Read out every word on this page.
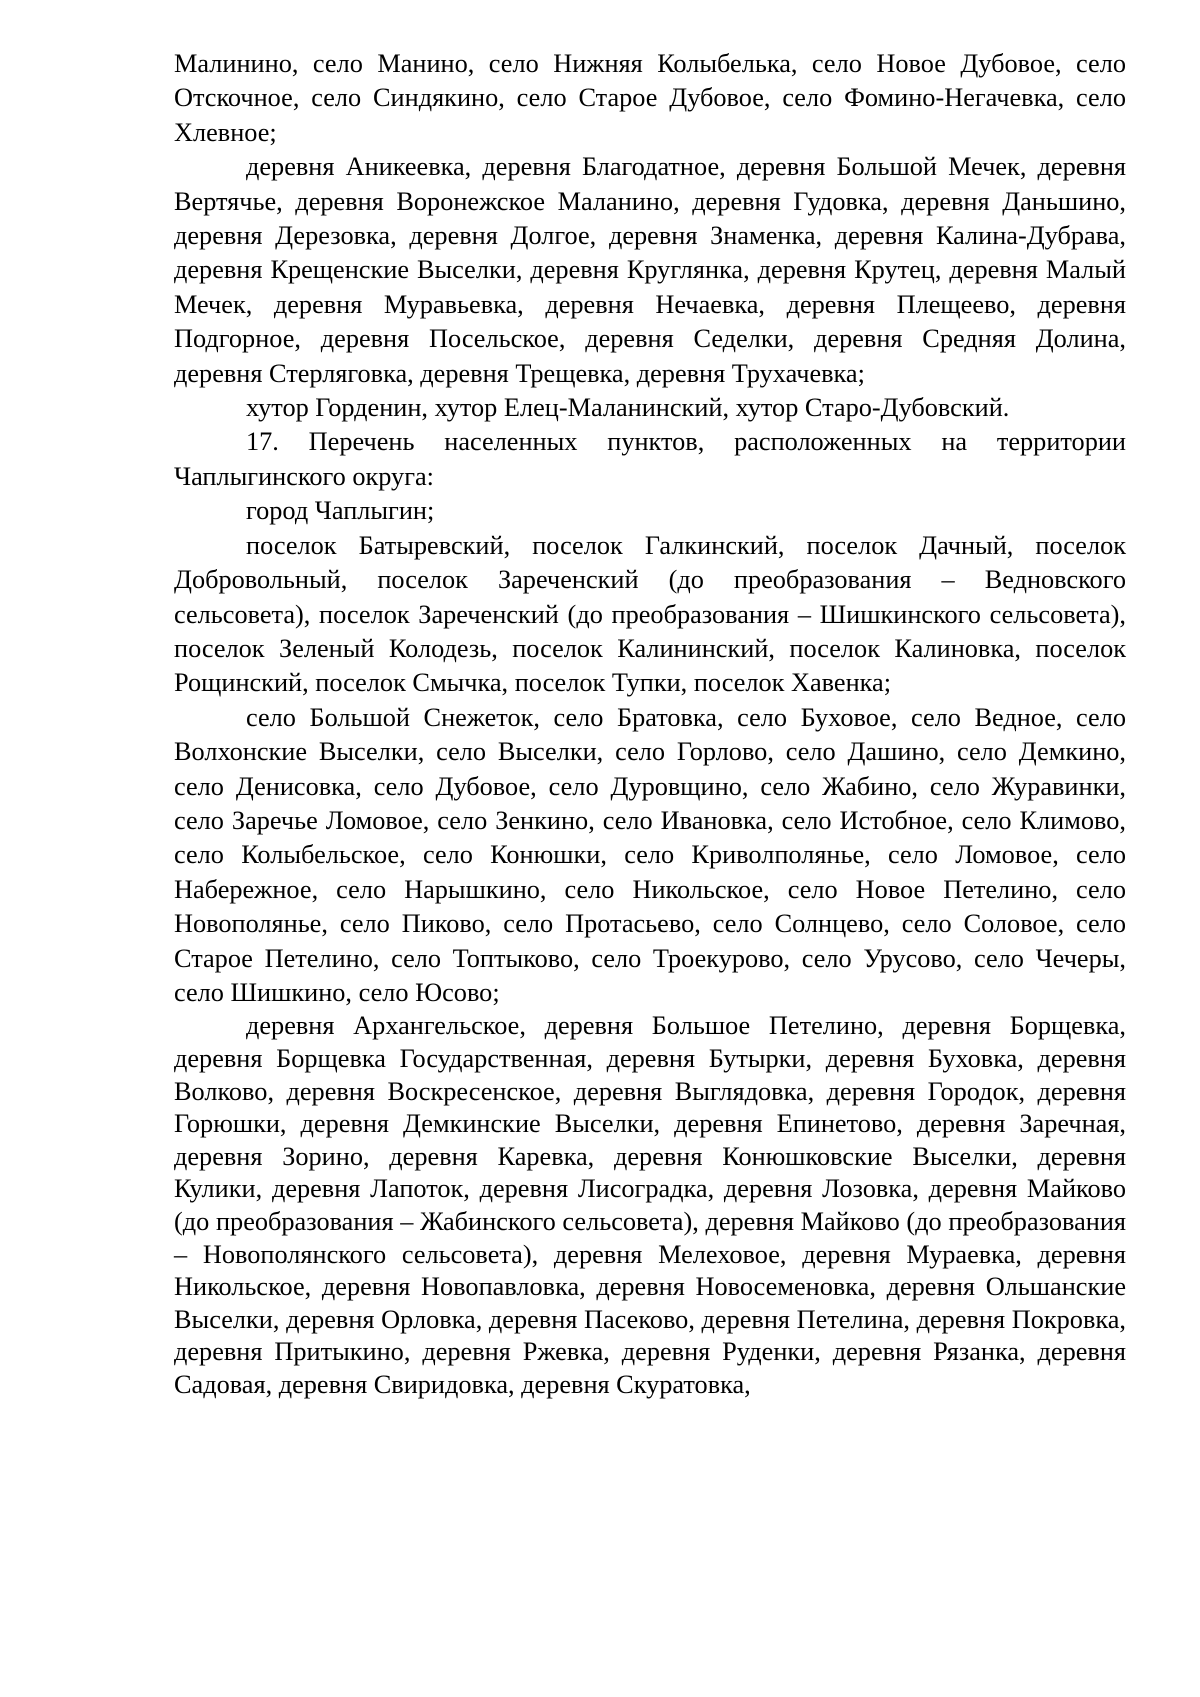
Малинино, село Манино, село Нижняя Колыбелька, село Новое Дубовое, село Отскочное, село Синдякино, село Старое Дубовое, село Фомино-Негачевка, село Хлевное;

деревня Аникеевка, деревня Благодатное, деревня Большой Мечек, деревня Вертячье, деревня Воронежское Маланино, деревня Гудовка, деревня Даньшино, деревня Дерезовка, деревня Долгое, деревня Знаменка, деревня Калина-Дубрава, деревня Крещенские Выселки, деревня Круглянка, деревня Крутец, деревня Малый Мечек, деревня Муравьевка, деревня Нечаевка, деревня Плещеево, деревня Подгорное, деревня Посельское, деревня Седелки, деревня Средняя Долина, деревня Стерляговка, деревня Трещевка, деревня Трухачевка;

хутор Горденин, хутор Елец-Маланинский, хутор Старо-Дубовский.

17. Перечень населенных пунктов, расположенных на территории Чаплыгинского округа:

город Чаплыгин;

поселок Батыревский, поселок Галкинский, поселок Дачный, поселок Добровольный, поселок Зареченский (до преобразования – Ведновского сельсовета), поселок Зареченский (до преобразования – Шишкинского сельсовета), поселок Зеленый Колодезь, поселок Калининский, поселок Калиновка, поселок Рощинский, поселок Смычка, поселок Тупки, поселок Хавенка;

село Большой Снежеток, село Братовка, село Буховое, село Ведное, село Волхонские Выселки, село Выселки, село Горлово, село Дашино, село Демкино, село Денисовка, село Дубовое, село Дуровщино, село Жабино, село Журавинки, село Заречье Ломовое, село Зенкино, село Ивановка, село Истобное, село Климово, село Колыбельское, село Конюшки, село Криволполянье, село Ломовое, село Набережное, село Нарышкино, село Никольское, село Новое Петелино, село Новополянье, село Пиково, село Протасьево, село Солнцево, село Соловое, село Старое Петелино, село Топтыково, село Троекурово, село Урусово, село Чечеры, село Шишкино, село Юсово;

деревня Архангельское, деревня Большое Петелино, деревня Борщевка, деревня Борщевка Государственная, деревня Бутырки, деревня Буховка, деревня Волково, деревня Воскресенское, деревня Выглядовка, деревня Городок, деревня Горюшки, деревня Демкинские Выселки, деревня Епинетово, деревня Заречная, деревня Зорино, деревня Каревка, деревня Конюшковские Выселки, деревня Кулики, деревня Лапоток, деревня Лисоградка, деревня Лозовка, деревня Майково (до преобразования – Жабинского сельсовета), деревня Майково (до преобразования – Новополянского сельсовета), деревня Мелеховое, деревня Мураевка, деревня Никольское, деревня Новопавловка, деревня Новосеменовка, деревня Ольшанские Выселки, деревня Орловка, деревня Пасеково, деревня Петелина, деревня Покровка, деревня Притыкино, деревня Ржевка, деревня Руденки, деревня Рязанка, деревня Садовая, деревня Свиридовка, деревня Скуратовка,
